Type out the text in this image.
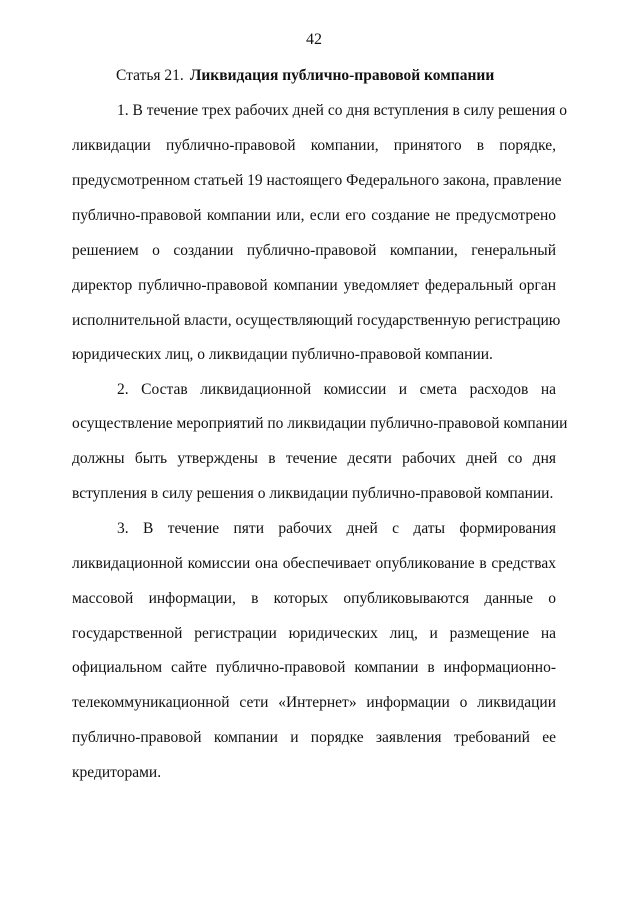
42
Статья 21. Ликвидация публично-правовой компании
1. В течение трех рабочих дней со дня вступления в силу решения о
ликвидации публично-правовой компании, принятого в порядке,
предусмотренном статьей 19 настоящего Федерального закона, правление
публично-правовой компании или, если его создание не предусмотрено
решением о создании публично-правовой компании, генеральный
директор публично-правовой компании уведомляет федеральный орган
исполнительной власти, осуществляющий государственную регистрацию
юридических лиц, о ликвидации публично-правовой компании.
2. Состав ликвидационной комиссии и смета расходов на
осуществление мероприятий по ликвидации публично-правовой компании
должны быть утверждены в течение десяти рабочих дней со дня
вступления в силу решения о ликвидации публично-правовой компании.
3. В течение пяти рабочих дней с даты формирования
ликвидационной комиссии она обеспечивает опубликование в средствах
массовой информации, в которых опубликовываются данные о
государственной регистрации юридических лиц, и размещение на
официальном сайте публично-правовой компании в информационно-
телекоммуникационной сети «Интернет» информации о ликвидации
публично-правовой компании и порядке заявления требований ее
кредиторами.
